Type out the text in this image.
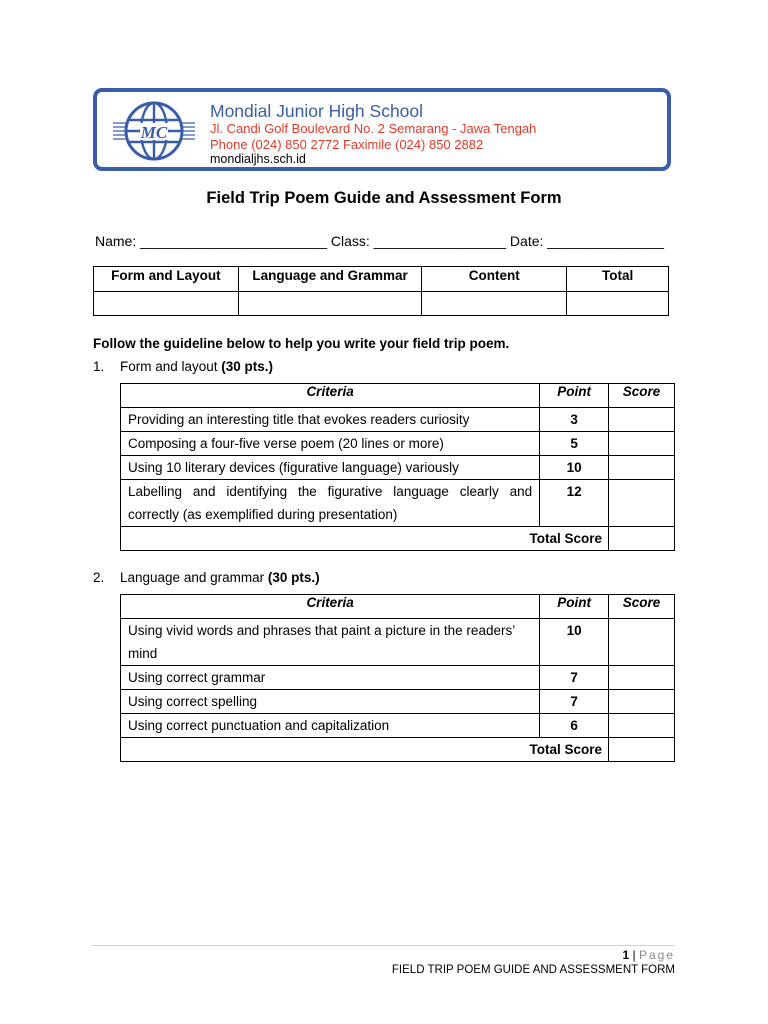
MC
Mondial Junior High School
Jl. Candi Golf Boulevard No. 2 Semarang - Jawa Tengah
Phone (024) 850 2772 Faximile (024) 850 2882
mondialjhs.sch.id
Field Trip Poem Guide and Assessment Form
Name: ________________________ Class: _________________ Date: _______________
Form and Layout	Language and Grammar	Content	Total

Follow the guideline below to help you write your field trip poem.
1. Form and layout (30 pts.)
Criteria	Point	Score
Providing an interesting title that evokes readers curiosity	3	
Composing a four-five verse poem (20 lines or more)	5	
Using 10 literary devices (figurative language) variously	10	
Labelling and identifying the figurative language clearly and correctly (as exemplified during presentation)	12	
Total Score		
2. Language and grammar (30 pts.)
Criteria	Point	Score
Using vivid words and phrases that paint a picture in the readers’ mind	10	
Using correct grammar	7	
Using correct spelling	7	
Using correct punctuation and capitalization	6	
Total Score		
1 | Page
FIELD TRIP POEM GUIDE AND ASSESSMENT FORM
